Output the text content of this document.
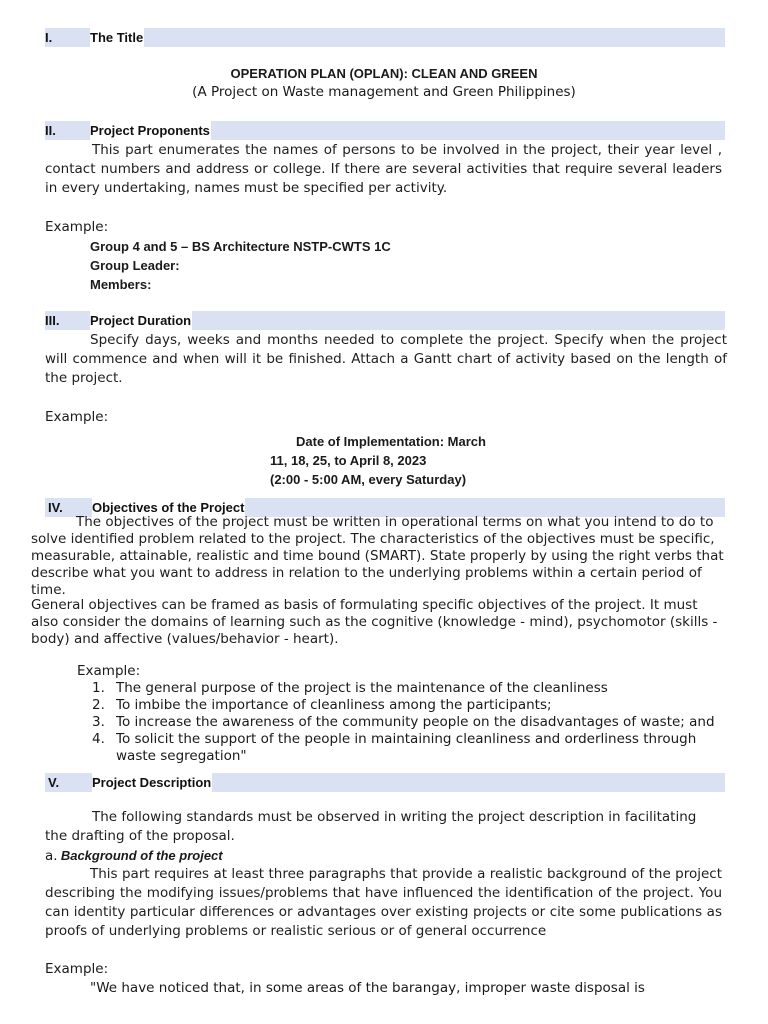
I.	The Title
OPERATION PLAN (OPLAN): CLEAN AND GREEN
(A Project on Waste management and Green Philippines)
II.	Project Proponents

This part enumerates the names of persons to be involved in the project, their year level , contact numbers and address or college. If there are several activities that require several leaders in every undertaking, names must be specified per activity.

Example:
Group 4 and 5 – BS Architecture NSTP-CWTS 1C
Group Leader:
Members:
III. Project Duration

Specify days, weeks and months needed to complete the project. Specify when the project will commence and when will it be finished. Attach a Gantt chart of activity based on the length of the project.

Example:
Date of Implementation: March
11, 18, 25, to April 8, 2023
(2:00 - 5:00 AM, every Saturday)
IV. Objectives of the Project

The objectives of the project must be written in operational terms on what you intend to do to solve identified problem related to the project. The characteristics of the objectives must be specific, measurable, attainable, realistic and time bound (SMART). State properly by using the right verbs that describe what you want to address in relation to the underlying problems within a certain period of time.

General objectives can be framed as basis of formulating specific objectives of the project. It must also consider the domains of learning such as the cognitive (knowledge - mind), psychomotor (skills - body) and affective (values/behavior - heart).

Example:
1. The general purpose of the project is the maintenance of the cleanliness
2. To imbibe the importance of cleanliness among the participants;
3. To increase the awareness of the community people on the disadvantages of waste; and
4. To solicit the support of the people in maintaining cleanliness and orderliness through waste segregation"
V.	Project Description

The following standards must be observed in writing the project description in facilitating the drafting of the proposal.

a. Background of the project

This part requires at least three paragraphs that provide a realistic background of the project describing the modifying issues/problems that have influenced the identification of the project. You can identity particular differences or advantages over existing projects or cite some publications as proofs of underlying problems or realistic serious or of general occurrence

Example:
"We have noticed that, in some areas of the barangay, improper waste disposal is
